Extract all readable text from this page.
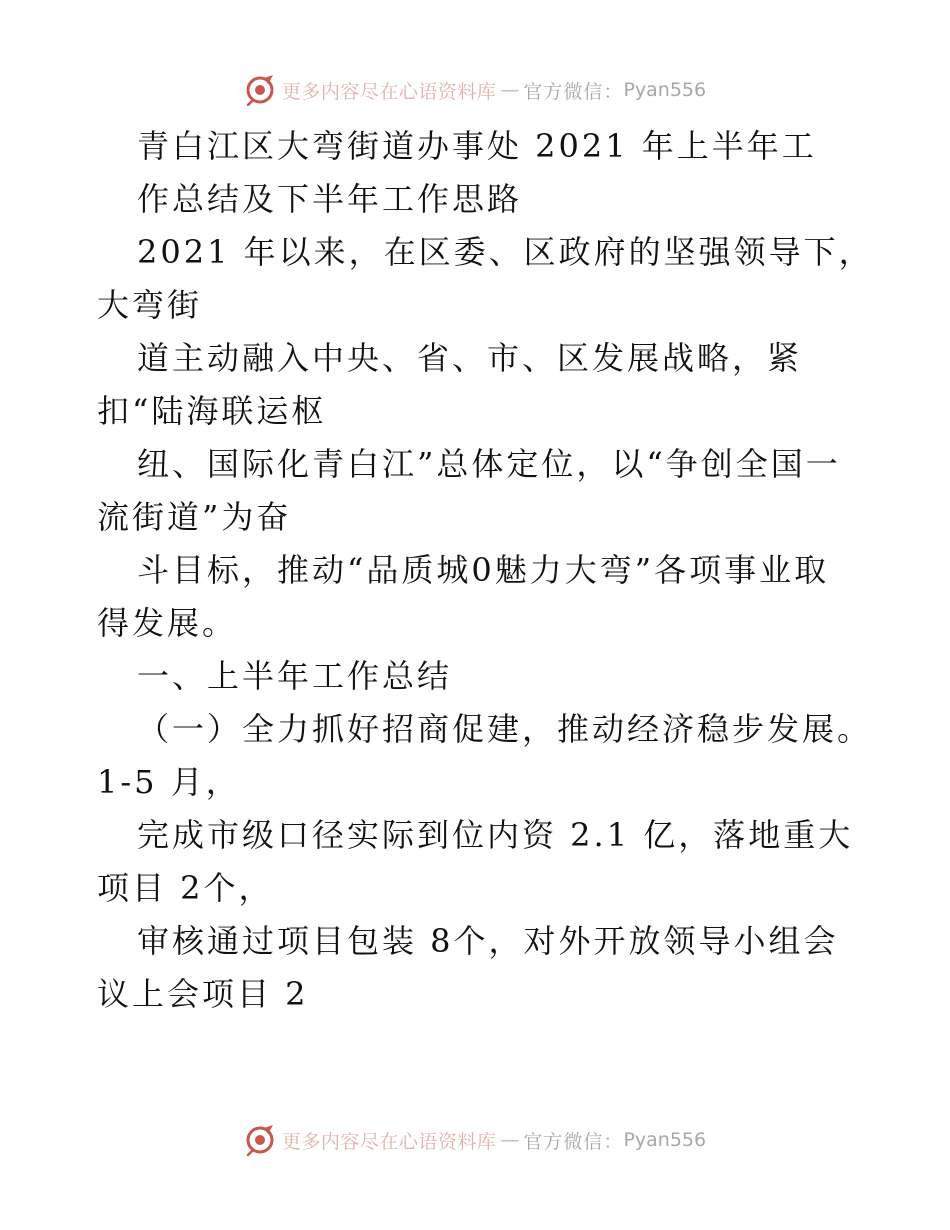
更多内容尽在心语资料库 — 官方微信： Pyan556
青白江区大弯街道办事处 2021 年上半年工
作总结及下半年工作思路
2021 年以来，在区委、区政府的坚强领导下，
大弯街
道主动融入中央、省、市、区发展战略，紧
扣“陆海联运枢
纽、国际化青白江”总体定位，以“争创全国一
流街道”为奋
斗目标，推动“品质城0魅力大弯”各项事业取
得发展。
一、上半年工作总结
（一）全力抓好招商促建，推动经济稳步发展。
1-5 月，
完成市级口径实际到位内资 2.1 亿，落地重大
项目 2个，
审核通过项目包装 8个，对外开放领导小组会
议上会项目 2
更多内容尽在心语资料库 — 官方微信： Pyan556
